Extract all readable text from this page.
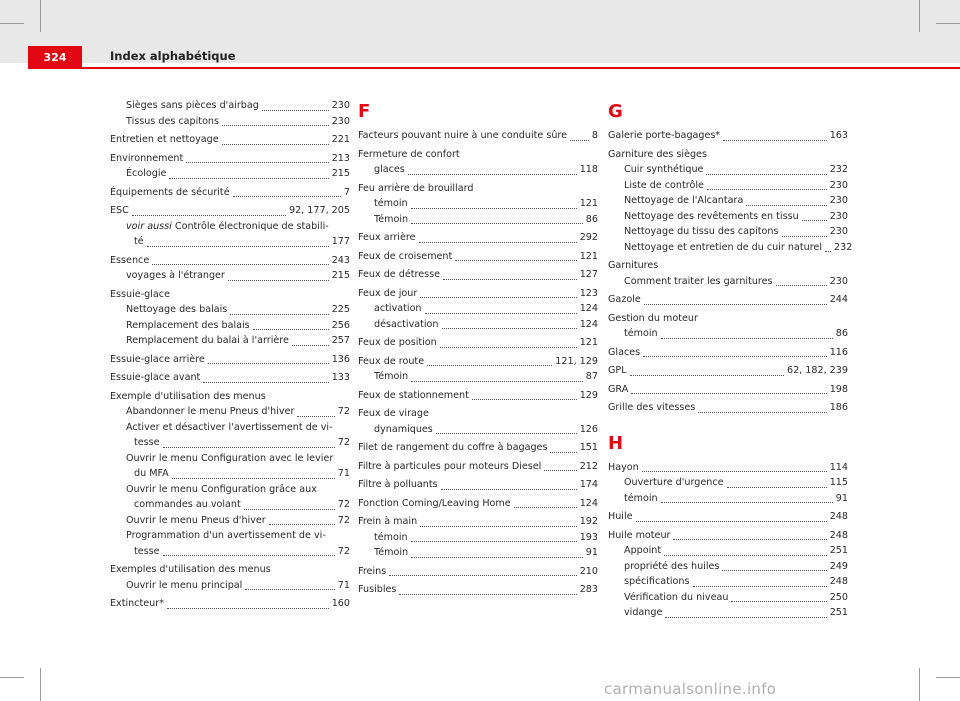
324	Index alphabétique
Sièges sans pièces d'airbag	230
Tissus des capitons	230
Entretien et nettoyage	221
Environnement	213
Écologie	215
Équipements de sécurité	7
ESC	92, 177, 205
voir aussi Contrôle électronique de stabili-
té	177
Essence	243
voyages à l'étranger	215
Essuie-glace
Nettoyage des balais	225
Remplacement des balais	256
Remplacement du balai à l'arrière	257
Essuie-glace arrière	136
Essuie-glace avant	133
Exemple d'utilisation des menus
Abandonner le menu Pneus d'hiver	72
Activer et désactiver l'avertissement de vi-
tesse	72
Ouvrir le menu Configuration avec le levier
du MFA	71
Ouvrir le menu Configuration grâce aux
commandes au volant	72
Ouvrir le menu Pneus d'hiver	72
Programmation d'un avertissement de vi-
tesse	72
Exemples d'utilisation des menus
Ouvrir le menu principal	71
Extincteur*	160
F
Facteurs pouvant nuire à une conduite sûre	8
Fermeture de confort
glaces	118
Feu arrière de brouillard
témoin	121
Témoin	86
Feux arrière	292
Feux de croisement	121
Feux de détresse	127
Feux de jour	123
activation	124
désactivation	124
Feux de position	121
Feux de route	121, 129
Témoin	87
Feux de stationnement	129
Feux de virage
dynamiques	126
Filet de rangement du coffre à bagages	151
Filtre à particules pour moteurs Diesel	212
Filtre à polluants	174
Fonction Coming/Leaving Home	124
Frein à main	192
témoin	193
Témoin	91
Freins	210
Fusibles	283
G
Galerie porte-bagages*	163
Garniture des sièges
Cuir synthétique	232
Liste de contrôle	230
Nettoyage de l'Alcantara	230
Nettoyage des revêtements en tissu	230
Nettoyage du tissu des capitons	230
Nettoyage et entretien de du cuir naturel 232
Garnitures
Comment traiter les garnitures	230
Gazole	244
Gestion du moteur
témoin	86
Glaces	116
GPL	62, 182, 239
GRA	198
Grille des vitesses	186
H
Hayon	114
Ouverture d'urgence	115
témoin	91
Huile	248
Huile moteur	248
Appoint	251
propriété des huiles	249
spécifications	248
Vérification du niveau	250
vidange	251
carmanualsonline.info
